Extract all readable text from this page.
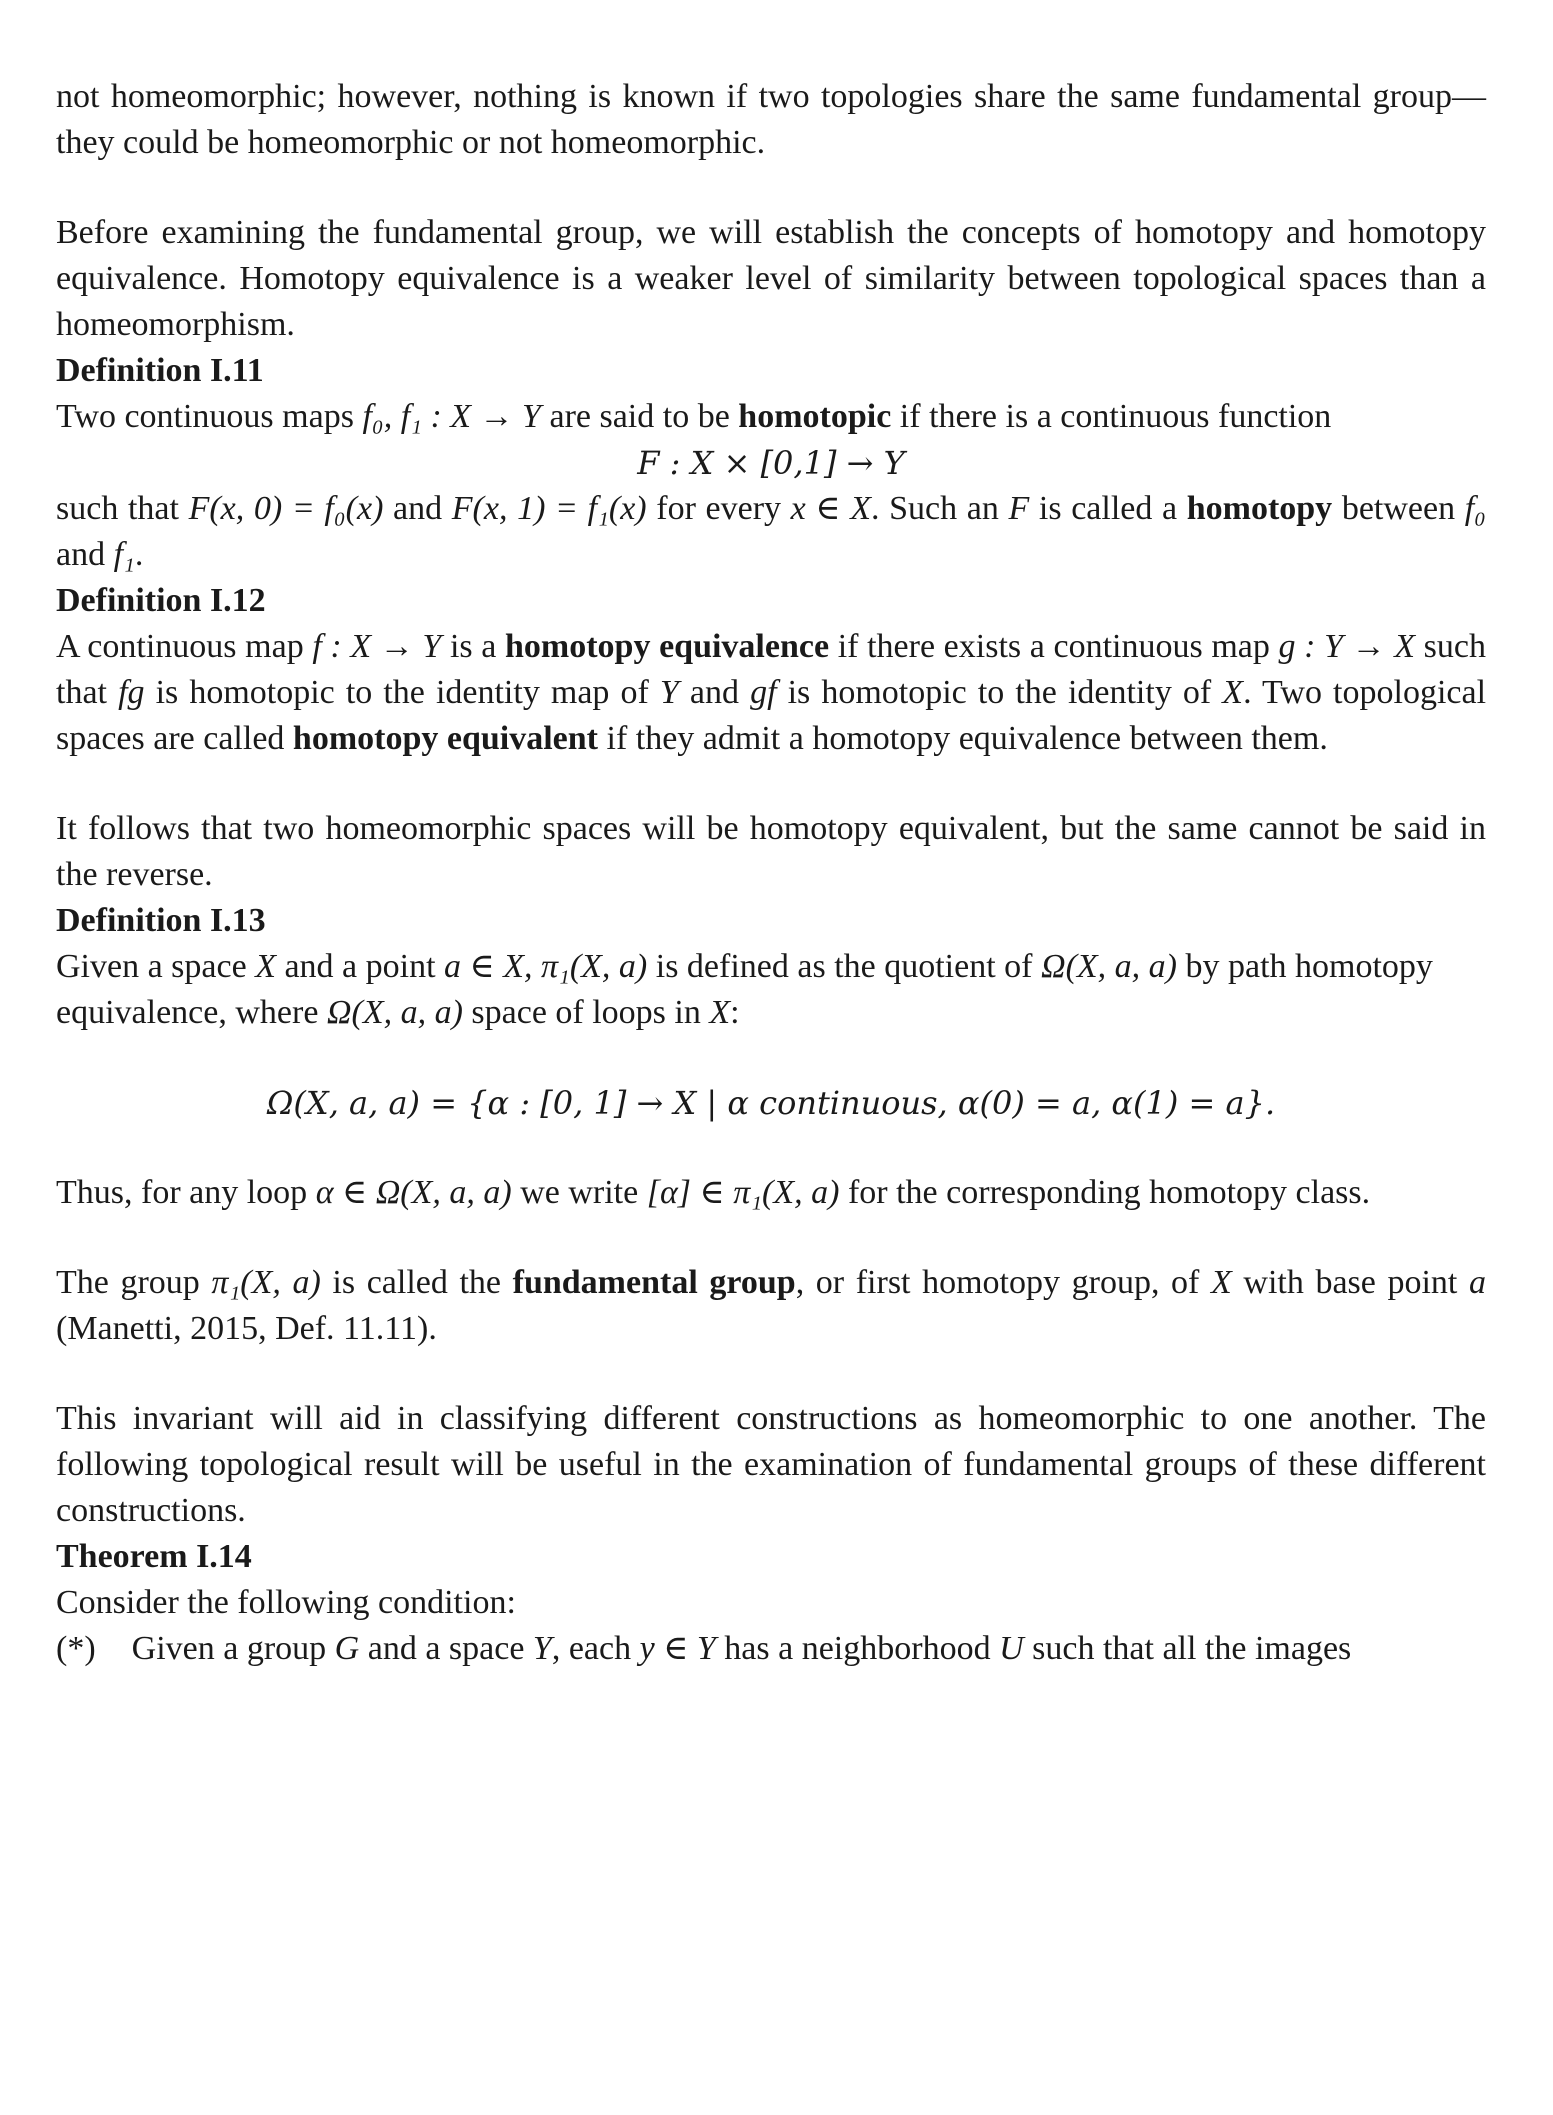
not homeomorphic; however, nothing is known if two topologies share the same fundamental group—they could be homeomorphic or not homeomorphic.

Before examining the fundamental group, we will establish the concepts of homotopy and homotopy equivalence. Homotopy equivalence is a weaker level of similarity between topological spaces than a homeomorphism.

Definition I.11

Two continuous maps f₀, f₁ : X → Y are said to be homotopic if there is a continuous function

F : X × [0,1] → Y

such that F(x, 0) = f₀(x) and F(x, 1) = f₁(x) for every x ∈ X. Such an F is called a homotopy between f₀ and f₁.

Definition I.12

A continuous map f : X → Y is a homotopy equivalence if there exists a continuous map g : Y → X such that fg is homotopic to the identity map of Y and gf is homotopic to the identity of X. Two topological spaces are called homotopy equivalent if they admit a homotopy equivalence between them.

It follows that two homeomorphic spaces will be homotopy equivalent, but the same cannot be said in the reverse.

Definition I.13

Given a space X and a point a ∈ X, π₁(X, a) is defined as the quotient of Ω(X, a, a) by path homotopy equivalence, where Ω(X, a, a) space of loops in X:

Ω(X, a, a) = {α : [0, 1] → X | α continuous, α(0) = a, α(1) = a}.

Thus, for any loop α ∈ Ω(X, a, a) we write [α] ∈ π₁(X, a) for the corresponding homotopy class.

The group π₁(X, a) is called the fundamental group, or first homotopy group, of X with base point a (Manetti, 2015, Def. 11.11).

This invariant will aid in classifying different constructions as homeomorphic to one another. The following topological result will be useful in the examination of fundamental groups of these different constructions.

Theorem I.14

Consider the following condition:

(*) Given a group G and a space Y, each y ∈ Y has a neighborhood U such that all the images
